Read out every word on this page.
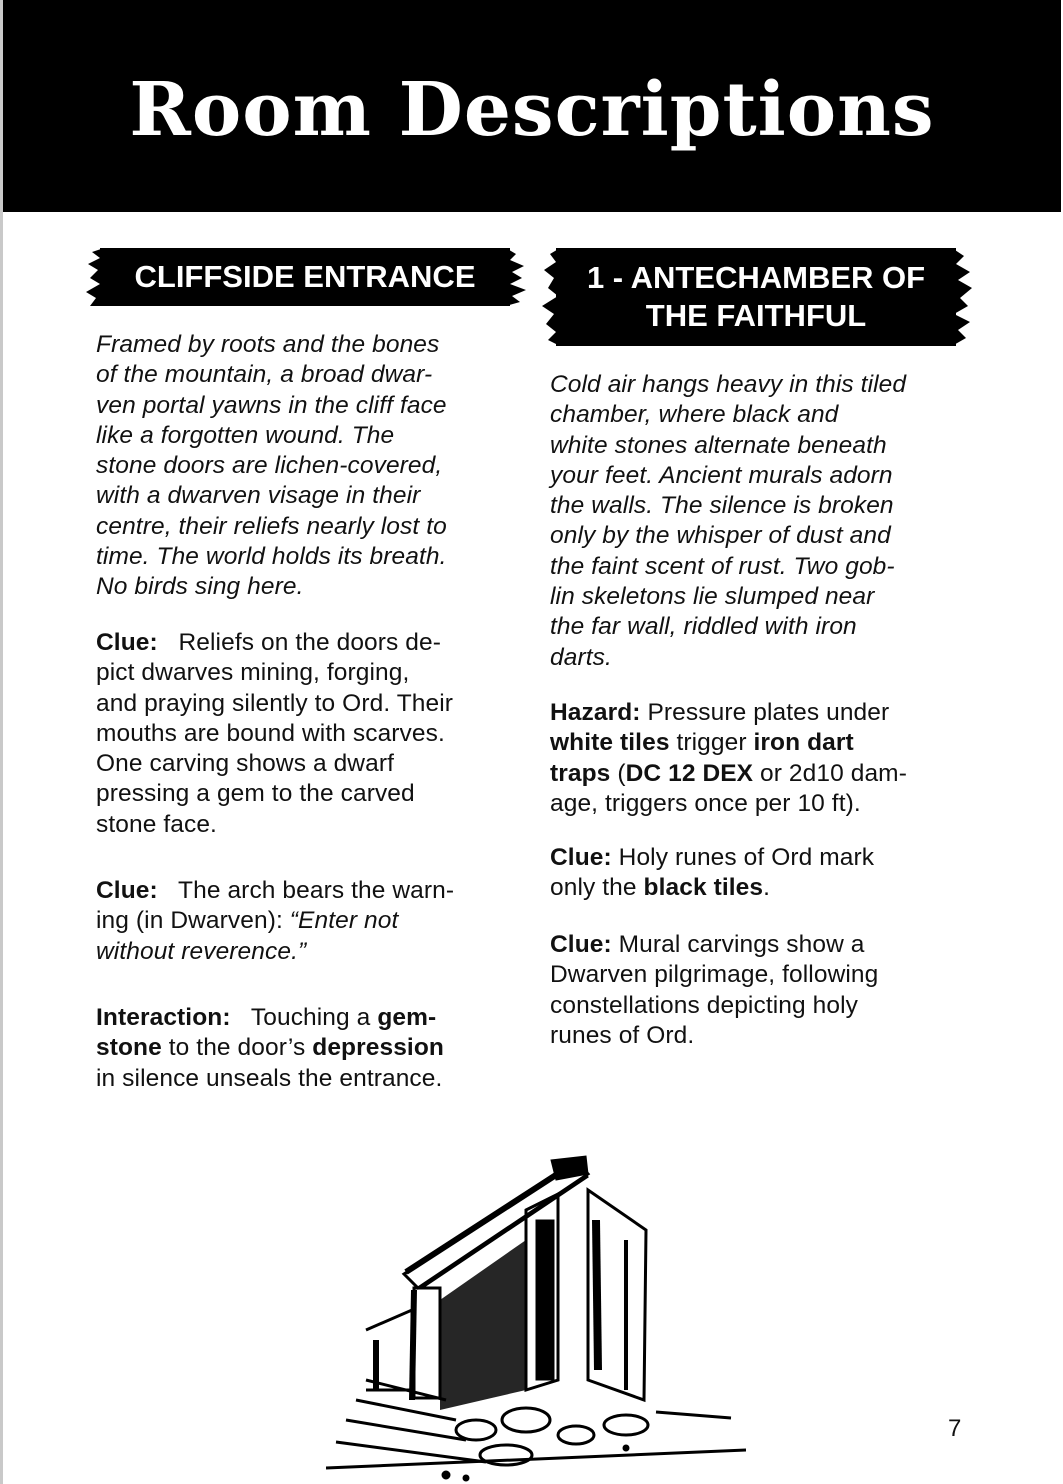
Room Descriptions
CLIFFSIDE ENTRANCE
Framed by roots and the bones
of the mountain, a broad dwar-
ven portal yawns in the cliff face
like a forgotten wound. The
stone doors are lichen-covered,
with a dwarven visage in their
centre, their reliefs nearly lost to
time. The world holds its breath.
No birds sing here.
Clue: Reliefs on the doors de-
pict dwarves mining, forging,
and praying silently to Ord. Their
mouths are bound with scarves.
One carving shows a dwarf
pressing a gem to the carved
stone face.
Clue: The arch bears the warn-
ing (in Dwarven): “Enter not
without reverence.”
Interaction: Touching a gem-
stone to the door’s depression
in silence unseals the entrance.
1 - ANTECHAMBER OF
THE FAITHFUL
Cold air hangs heavy in this tiled
chamber, where black and
white stones alternate beneath
your feet. Ancient murals adorn
the walls. The silence is broken
only by the whisper of dust and
the faint scent of rust. Two gob-
lin skeletons lie slumped near
the far wall, riddled with iron
darts.
Hazard: Pressure plates under
white tiles trigger iron dart
traps (DC 12 DEX or 2d10 dam-
age, triggers once per 10 ft).
Clue: Holy runes of Ord mark
only the black tiles.
Clue: Mural carvings show a
Dwarven pilgrimage, following
constellations depicting holy
runes of Ord.
7
